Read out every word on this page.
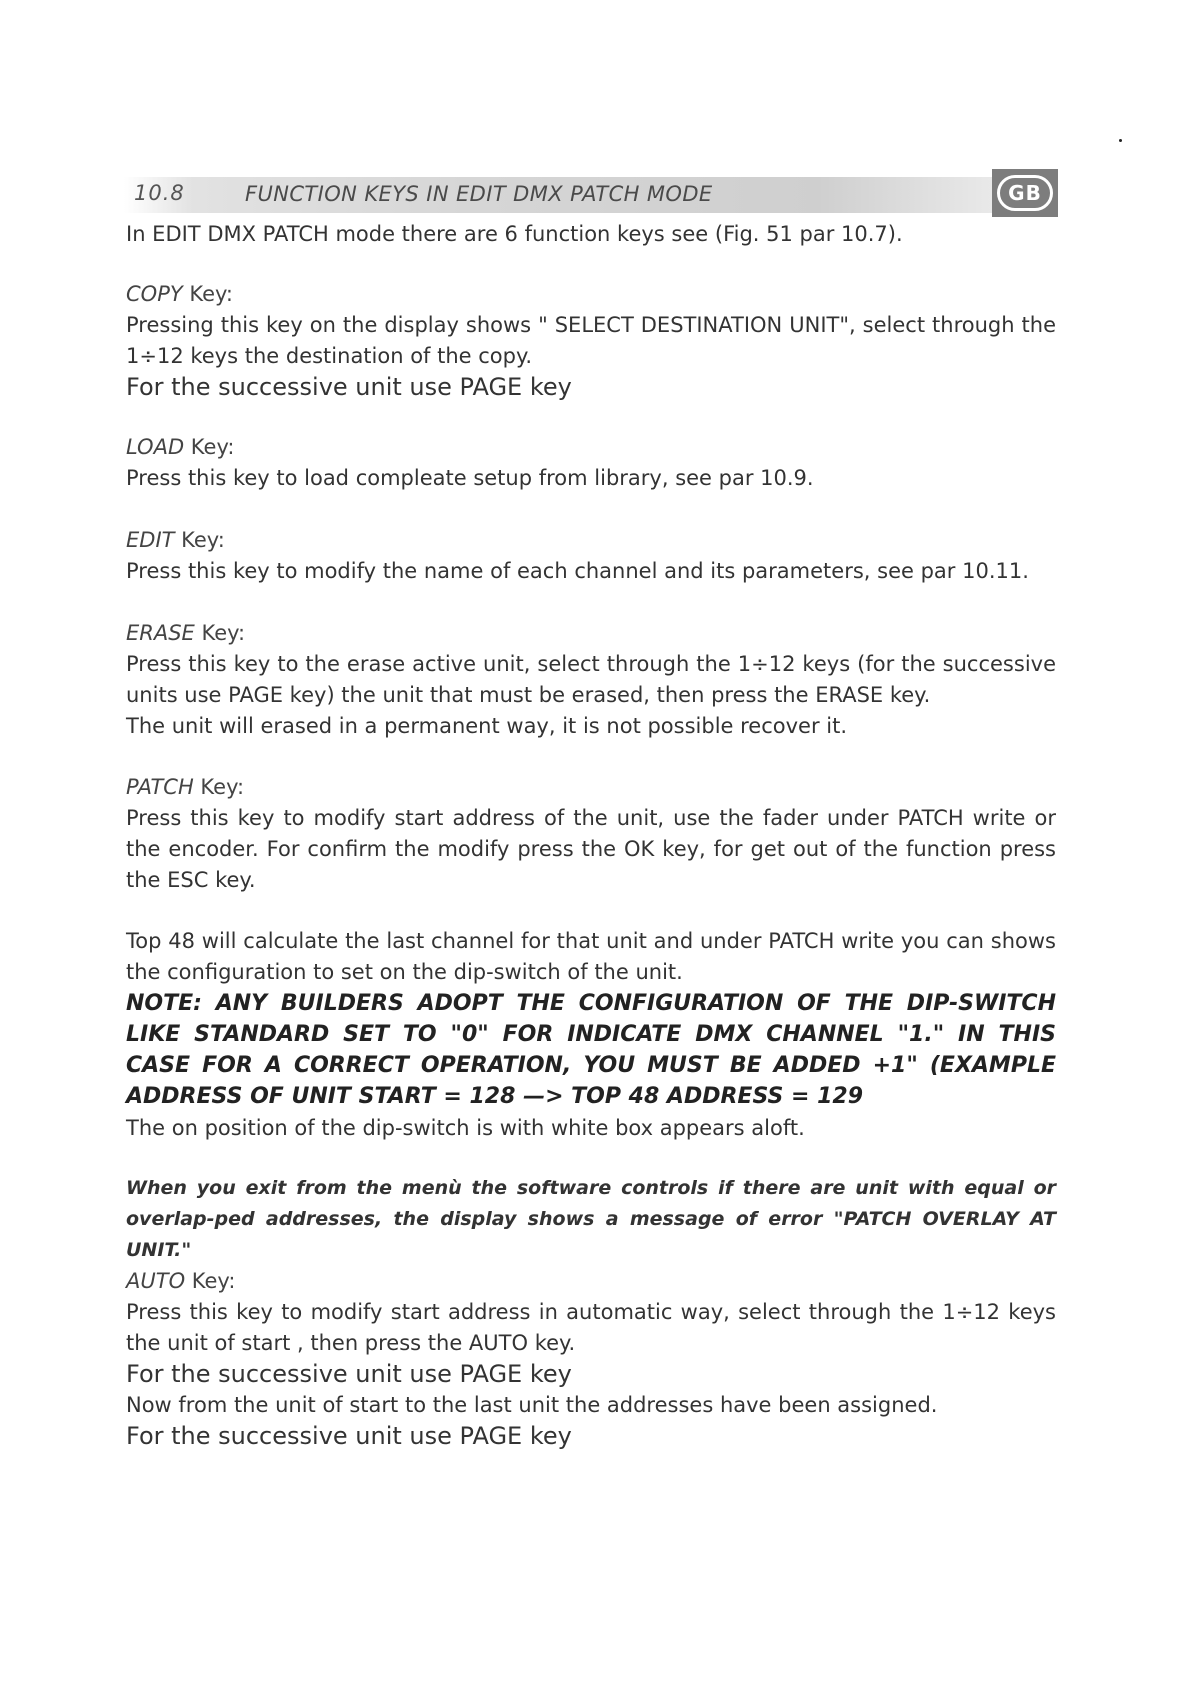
10.8	FUNCTION KEYS IN EDIT DMX PATCH MODE	GB

In EDIT DMX PATCH mode there are 6 function keys see (Fig. 51 par 10.7).

COPY Key:

Pressing this key on the display shows " SELECT DESTINATION UNIT", select through the 1÷12 keys the destination of the copy.

For the successive unit use PAGE key

LOAD Key:

Press this key to load compleate setup from library, see par 10.9.

EDIT Key:

Press this key to modify the name of each channel and its parameters, see par 10.11.

ERASE Key:

Press this key to the erase active unit, select through the 1÷12 keys (for the successive units use PAGE key) the unit that must be erased, then press the ERASE key.

The unit will erased in a permanent way, it is not possible recover it.

PATCH Key:

Press this key to modify start address of the unit, use the fader under PATCH write or the encoder. For confirm the modify press the OK key, for get out of the function press the ESC key.

Top 48 will calculate the last channel for that unit and under PATCH write you can shows the configuration to set on the dip-switch of the unit.

NOTE: ANY BUILDERS ADOPT THE CONFIGURATION OF THE DIP-SWITCH LIKE STANDARD SET TO "0" FOR INDICATE DMX CHANNEL "1." IN THIS CASE FOR A CORRECT OPERATION, YOU MUST BE ADDED +1" (EXAMPLE ADDRESS OF UNIT START = 128 —> TOP 48 ADDRESS = 129

The on position of the dip-switch is with white box appears aloft.

When you exit from the menù the software controls if there are unit with equal or overlap-ped addresses, the display shows a message of error "PATCH OVERLAY AT UNIT."

AUTO Key:

Press this key to modify start address in automatic way, select through the 1÷12 keys the unit of start , then press the AUTO key.

For the successive unit use PAGE key

Now from the unit of start to the last unit the addresses have been assigned.

For the successive unit use PAGE key
